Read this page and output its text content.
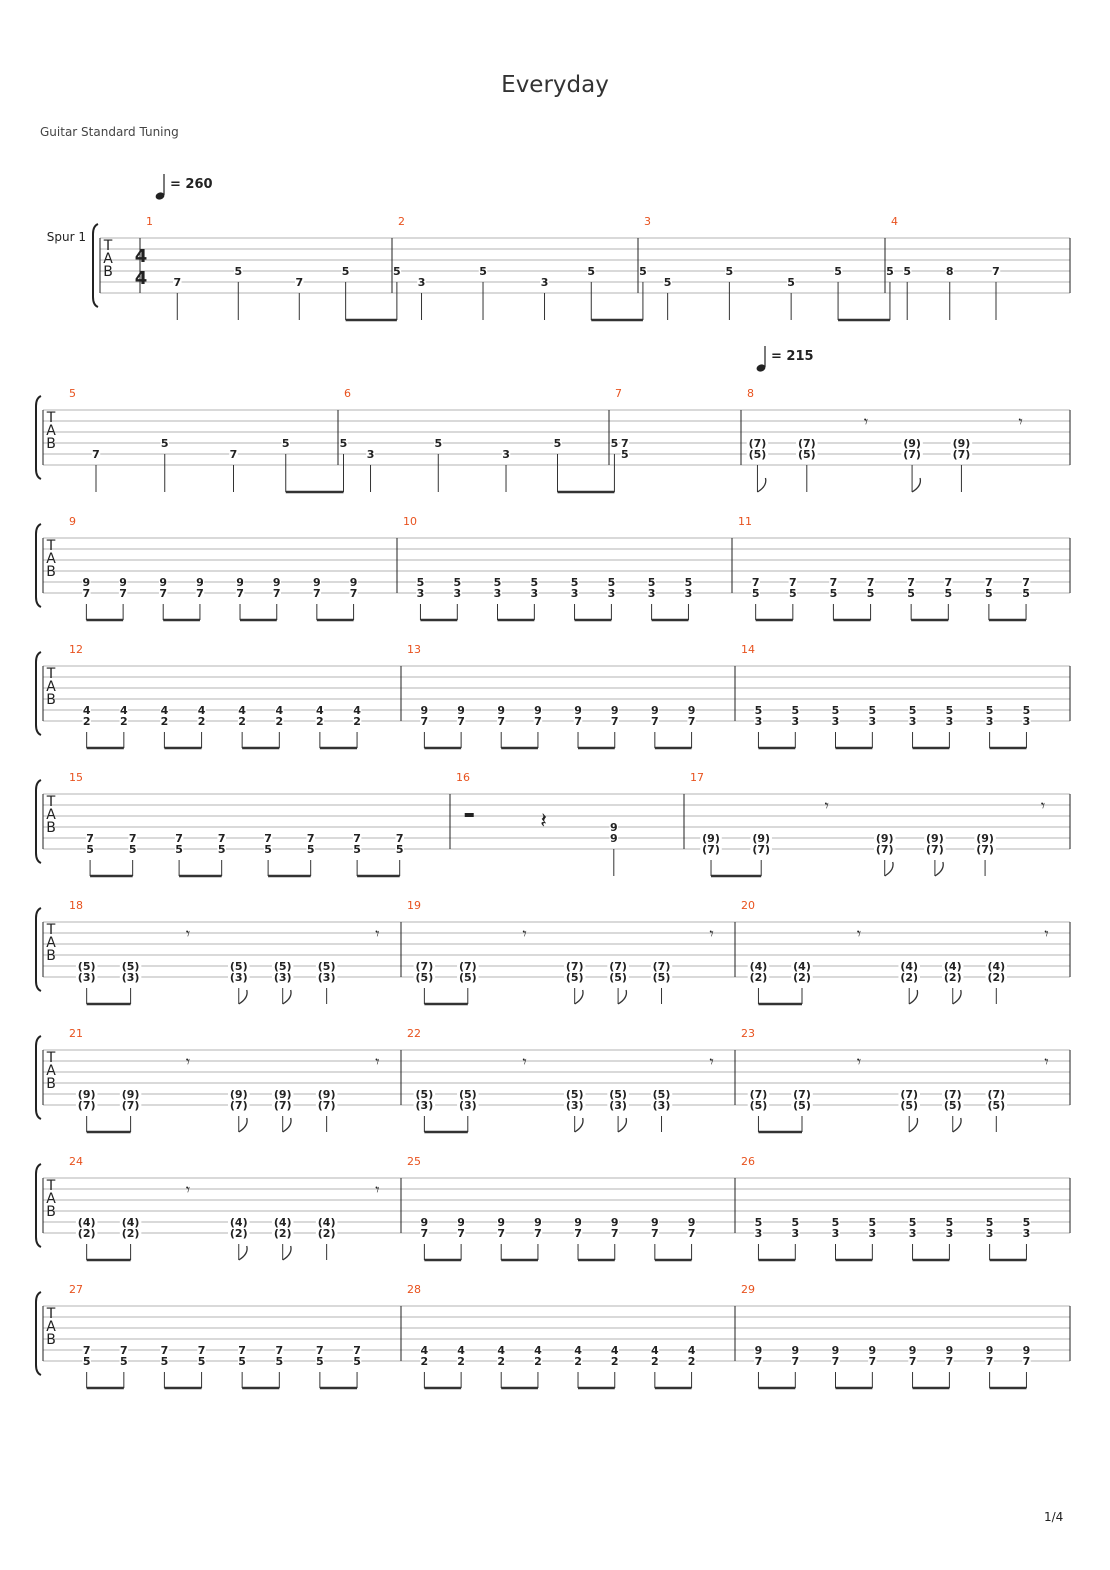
Everyday
Guitar Standard Tuning
T
A
B
Spur 1
4
4
1
= 260
7
5
7
5	5
2
3
5
3
5	5
3
5
5
5
5	5
4
5	8	7
T
A
B
5
7
5
7
5	5
6
3
5
3
5	5
7
7
5
8
= 215
(7)
(5)
(7)
(5)
𝄾
(9)
(7)
(9)
(7)
𝄾
T
A
B
9
9
7
9
7
9
7
9
7
9
7
9
7
9
7
9
7
10
5
3
5
3
5
3
5
3
5
3
5
3
5
3
5
3
11
7
5
7
5
7
5
7
5
7
5
7
5
7
5
7
5
T
A
B
12
4
2
4
2
4
2
4
2
4
2
4
2
4
2
4
2
13
9
7
9
7
9
7
9
7
9
7
9
7
9
7
9
7
14
5
3
5
3
5
3
5
3
5
3
5
3
5
3
5
3
T
A
B
15
7
5
7
5
7
5
7
5
7
5
7
5
7
5
7
5
16
𝄽	9
9
17
(9)
(7)
(9)
(7)
𝄾
(9)
(7)
(9)
(7)
(9)
(7)
𝄾
T
A
B
18
(5)
(3)
(5)
(3)
𝄾
(5)
(3)
(5)
(3)
(5)
(3)
𝄾
19
(7)
(5)
(7)
(5)
𝄾
(7)
(5)
(7)
(5)
(7)
(5)
𝄾
20
(4)
(2)
(4)
(2)
𝄾
(4)
(2)
(4)
(2)
(4)
(2)
𝄾
T
A
B
21
(9)
(7)
(9)
(7)
𝄾
(9)
(7)
(9)
(7)
(9)
(7)
𝄾
22
(5)
(3)
(5)
(3)
𝄾
(5)
(3)
(5)
(3)
(5)
(3)
𝄾
23
(7)
(5)
(7)
(5)
𝄾
(7)
(5)
(7)
(5)
(7)
(5)
𝄾
T
A
B
24
(4)
(2)
(4)
(2)
𝄾
(4)
(2)
(4)
(2)
(4)
(2)
𝄾
25
9
7
9
7
9
7
9
7
9
7
9
7
9
7
9
7
26
5
3
5
3
5
3
5
3
5
3
5
3
5
3
5
3
T
A
B
27
7
5
7
5
7
5
7
5
7
5
7
5
7
5
7
5
28
4
2
4
2
4
2
4
2
4
2
4
2
4
2
4
2
29
9
7
9
7
9
7
9
7
9
7
9
7
9
7
9
7
1/4
